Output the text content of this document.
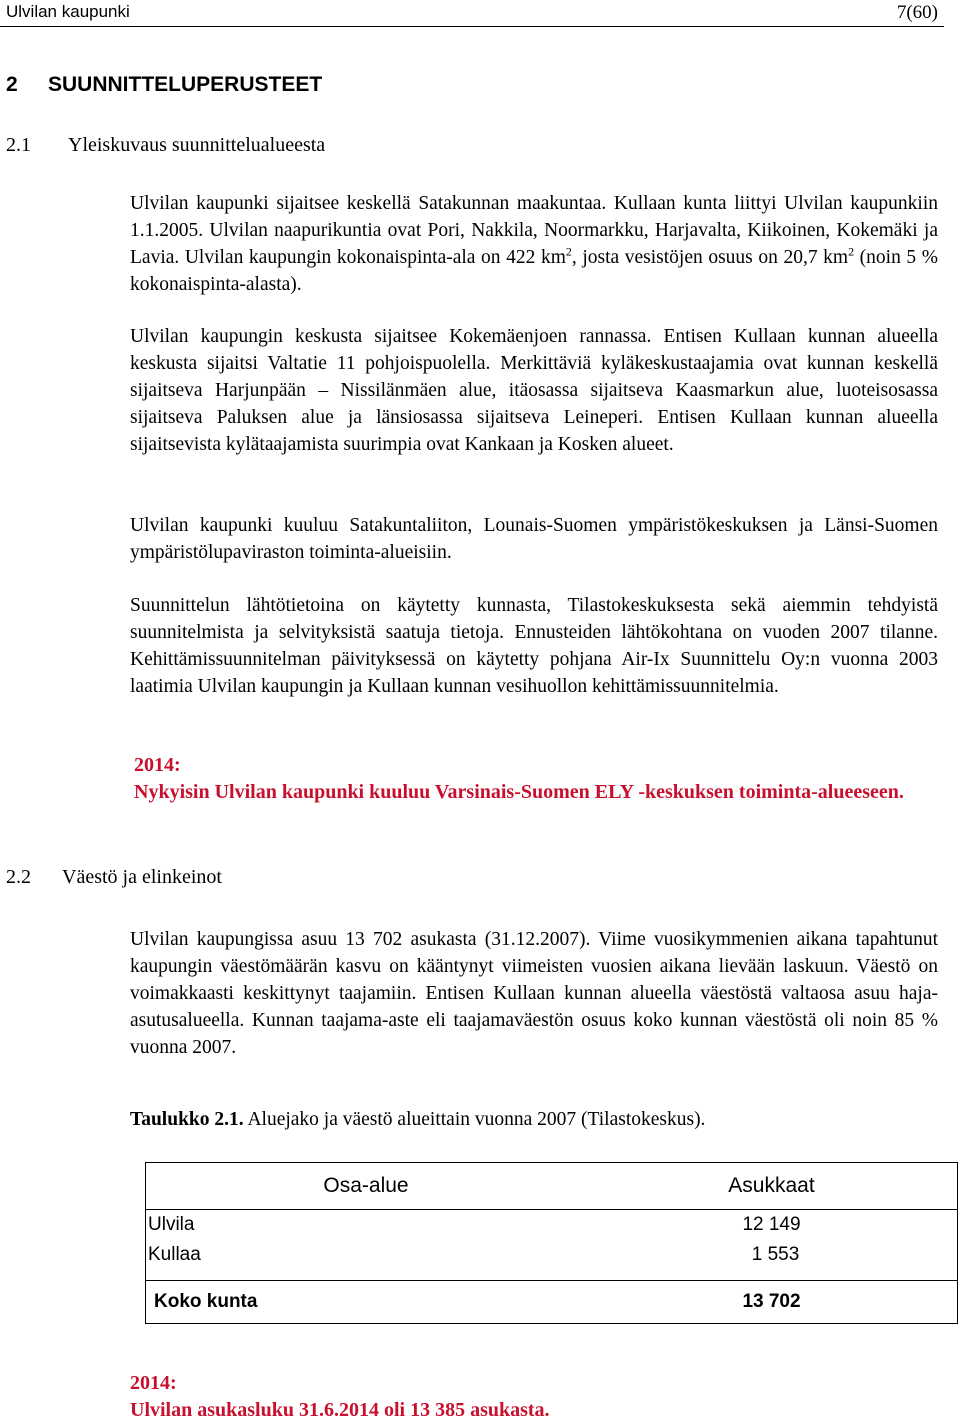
Ulvilan kaupunki	7(60)
2 SUUNNITTELUPERUSTEET
2.1 Yleiskuvaus suunnittelualueesta
Ulvilan kaupunki sijaitsee keskellä Satakunnan maakuntaa. Kullaan kunta liittyi Ulvilan kaupunkiin 1.1.2005. Ulvilan naapurikuntia ovat Pori, Nakkila, Noormarkku, Harjavalta, Kiikoinen, Kokemäki ja Lavia. Ulvilan kaupungin kokonaispinta-ala on 422 $km^2$, josta vesistöjen osuus on 20,7 $km^2$ (noin 5 % kokonaispinta-alasta).
Ulvilan kaupungin keskusta sijaitsee Kokemäenjoen rannassa. Entisen Kullaan kunnan alueella keskusta sijaitsi Valtatie 11 pohjoispuolella. Merkittäviä kyläkeskustaajamia ovat kunnan keskellä sijaitseva Harjunpään – Nissilänmäen alue, itäosassa sijaitseva Kaasmarkun alue, luoteisosassa sijaitseva Paluksen alue ja länsiosassa sijaitseva Leineperi. Entisen Kullaan kunnan alueella sijaitsevista kylätaajamista suurimpia ovat Kankaan ja Kosken alueet.
Ulvilan kaupunki kuuluu Satakuntaliiton, Lounais-Suomen ympäristökeskuksen ja Länsi-Suomen ympäristölupaviraston toiminta-alueisiin.
Suunnittelun lähtötietoina on käytetty kunnasta, Tilastokeskuksesta sekä aiemmin tehdyistä suunnitelmista ja selvityksistä saatuja tietoja. Ennusteiden lähtökohtana on vuoden 2007 tilanne. Kehittämissuunnitelman päivityksessä on käytetty pohjana Air-Ix Suunnittelu Oy:n vuonna 2003 laatimia Ulvilan kaupungin ja Kullaan kunnan vesihuollon kehittämissuunnitelmia.
2014:
Nykyisin Ulvilan kaupunki kuuluu Varsinais-Suomen ELY -keskuksen toiminta-alueeseen.
2.2 Väestö ja elinkeinot
Ulvilan kaupungissa asuu 13 702 asukasta (31.12.2007). Viime vuosikymmenien aikana tapahtunut kaupungin väestömäärän kasvu on kääntynyt viimeisten vuosien aikana lievään laskuun. Väestö on voimakkaasti keskittynyt taajamiin. Entisen Kullaan kunnan alueella väestöstä valtaosa asuu haja-asutusalueella. Kunnan taajama-aste eli taajamaväestön osuus koko kunnan väestöstä oli noin 85 % vuonna 2007.
Taulukko 2.1. Aluejako ja väestö alueittain vuonna 2007 (Tilastokeskus).
Osa-alue	Asukkaat
Ulvila	12 149
Kullaa	1 553

Koko kunta	13 702
2014:
Ulvilan asukasluku 31.6.2014 oli 13 385 asukasta.
